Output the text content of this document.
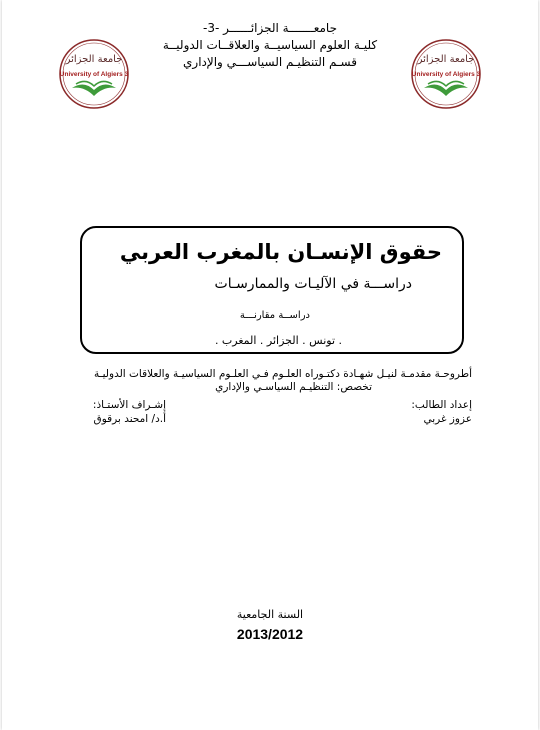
جامعة الجزائر
University of Algiers 3
جامعة الجزائر
University of Algiers 3
جامعـــــــة الجزائــــــر -3-
كليـة العلوم السياسيــة والعلاقــات الدوليــة
قسـم التنظيـم السياســـي والإداري
حقوق الإنسـان بالمغرب العربي
دراســـة في الآليـات والممارسـات
دراســة مقارنـــة
. تونس . الجزائر . المغرب .
أطروحـة مقدمـة لنيـل شهـادة دكتـوراه العلـوم فـي العلـوم السياسيـة والعلاقات الدوليـة
تخصص: التنظيـم السياسـي والإداري
إعداد الطالب:
عزوز غربي
إشـراف الأستـاذ:
أ.د/ امحند برقوق
السنة الجامعية
2013/2012
